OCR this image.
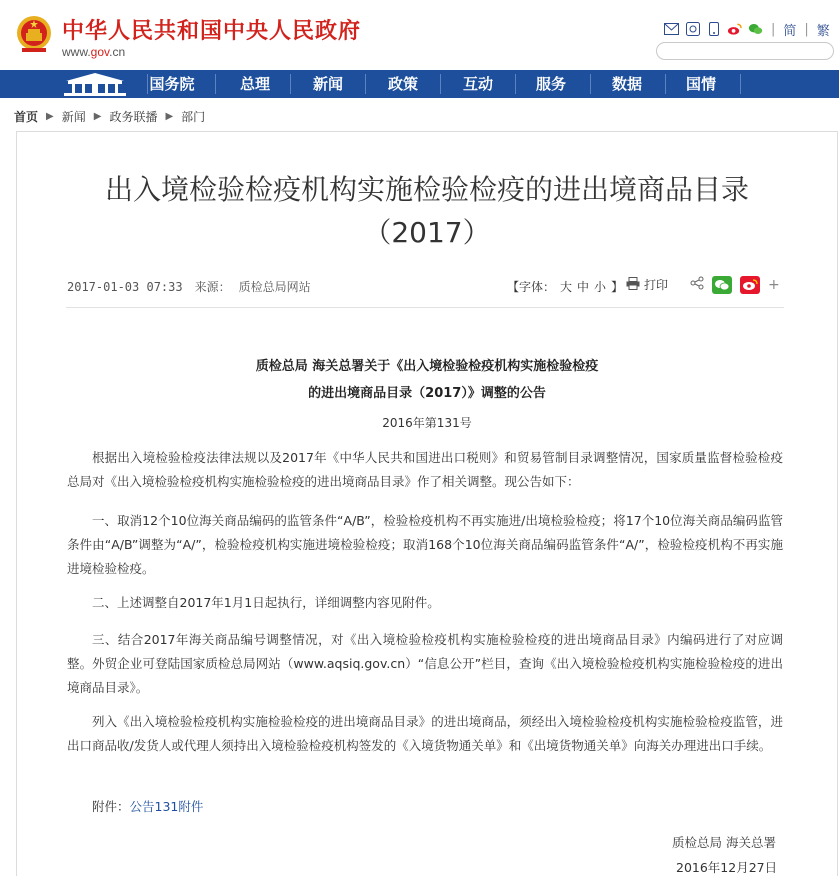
中华人民共和国中央人民政府
www.gov.cn
| 简 | 繁
国务院	总理	新闻	政策	互动	服务	数据	国情
首页 ▶ 新闻 ▶ 政务联播 ▶ 部门
出入境检验检疫机构实施检验检疫的进出境商品目录
（2017）
2017-01-03 07:33 来源： 质检总局网站	【字体： 大 中 小 】 打印	+
质检总局 海关总署关于《出入境检验检疫机构实施检验检疫
的进出境商品目录（2017）》调整的公告
2016年第131号

根据出入境检验检疫法律法规以及2017年《中华人民共和国进出口税则》和贸易管制目录调整情况，国家质量监督检验检疫总局对《出入境检验检疫机构实施检验检疫的进出境商品目录》作了相关调整。现公告如下：

一、取消12个10位海关商品编码的监管条件“A/B”，检验检疫机构不再实施进/出境检验检疫；将17个10位海关商品编码监管条件由“A/B”调整为“A/”，检验检疫机构实施进境检验检疫；取消168个10位海关商品编码监管条件“A/”，检验检疫机构不再实施进境检验检疫。

二、上述调整自2017年1月1日起执行，详细调整内容见附件。

三、结合2017年海关商品编号调整情况，对《出入境检验检疫机构实施检验检疫的进出境商品目录》内编码进行了对应调整。外贸企业可登陆国家质检总局网站（www.aqsiq.gov.cn）“信息公开”栏目，查询《出入境检验检疫机构实施检验检疫的进出境商品目录》。

列入《出入境检验检疫机构实施检验检疫的进出境商品目录》的进出境商品，须经出入境检验检疫机构实施检验检疫监管，进出口商品收/发货人或代理人须持出入境检验检疫机构签发的《入境货物通关单》和《出境货物通关单》向海关办理进出口手续。

附件：公告131附件

质检总局 海关总署
2016年12月27日
